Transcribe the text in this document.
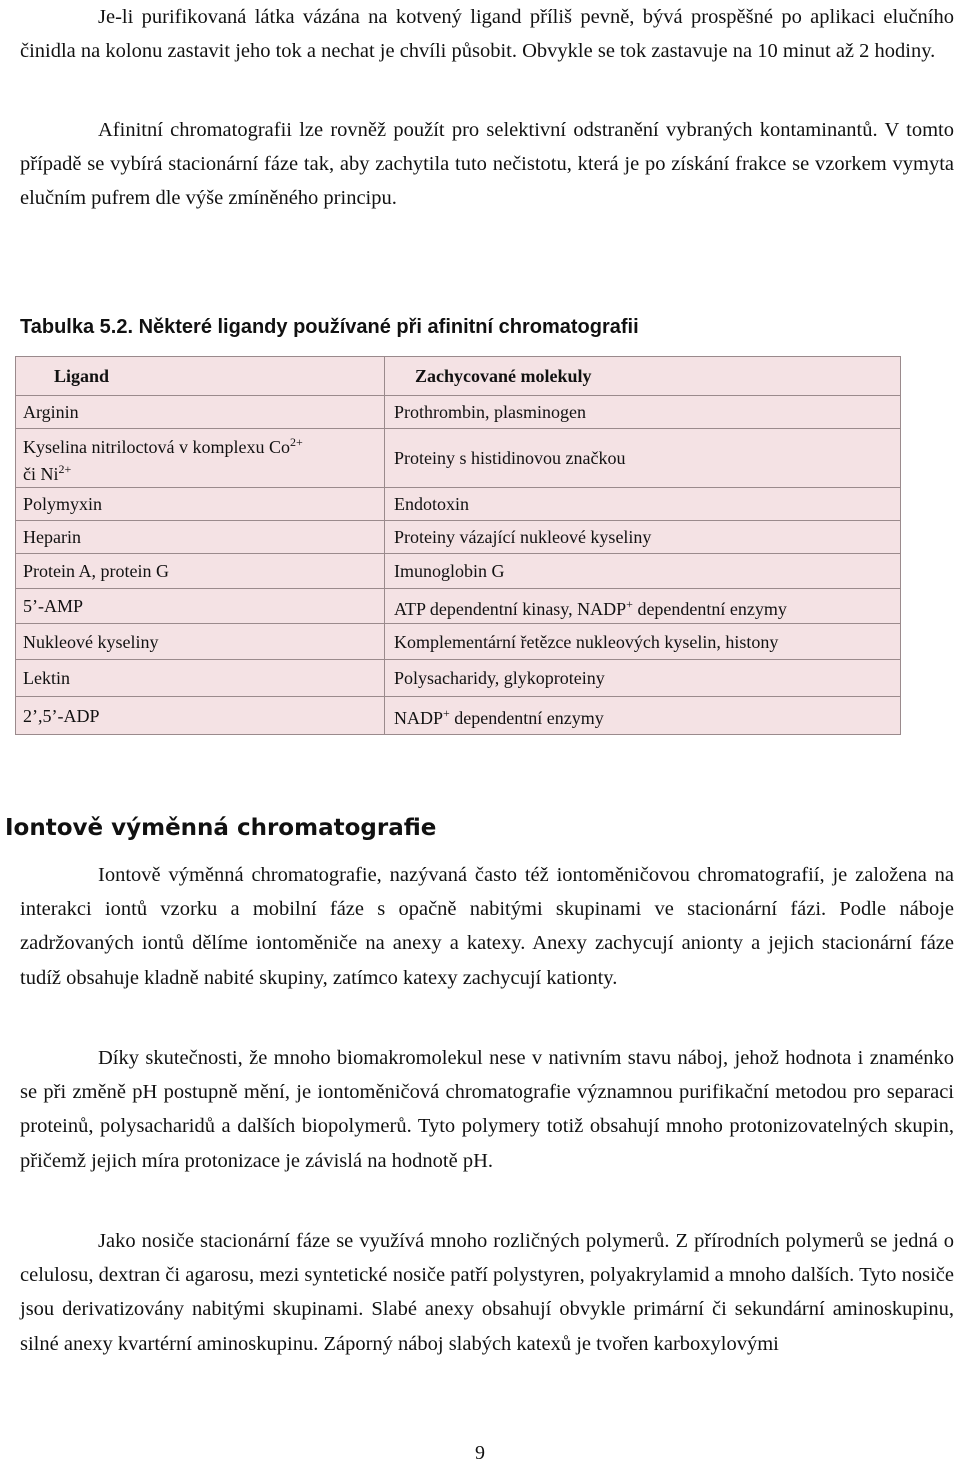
Je-li purifikovaná látka vázána na kotvený ligand příliš pevně, bývá prospěšné po aplikaci elučního činidla na kolonu zastavit jeho tok a nechat je chvíli působit. Obvykle se tok zastavuje na 10 minut až 2 hodiny.

Afinitní chromatografii lze rovněž použít pro selektivní odstranění vybraných kontaminantů. V tomto případě se vybírá stacionární fáze tak, aby zachytila tuto nečistotu, která je po získání frakce se vzorkem vymyta elučním pufrem dle výše zmíněného principu.

Tabulka 5.2. Některé ligandy používané při afinitní chromatografii

Ligand	Zachycované molekuly
Arginin	Prothrombin, plasminogen
Kyselina nitriloctová v komplexu $Co^{2+}$
či $Ni^{2+}$	Proteiny s histidinovou značkou
Polymyxin	Endotoxin
Heparin	Proteiny vázající nukleové kyseliny
Protein A, protein G	Imunoglobin G
5’-AMP	ATP dependentní kinasy, NADP+ dependentní enzymy
Nukleové kyseliny	Komplementární řetězce nukleových kyselin, histony
Lektin	Polysacharidy, glykoproteiny
2’,5’-ADP	NADP+ dependentní enzymy
Iontově výměnná chromatografie

Iontově výměnná chromatografie, nazývaná často též iontoměničovou chromatografií, je založena na interakci iontů vzorku a mobilní fáze s opačně nabitými skupinami ve stacionární fázi. Podle náboje zadržovaných iontů dělíme iontoměniče na anexy a katexy. Anexy zachycují anionty a jejich stacionární fáze tudíž obsahuje kladně nabité skupiny, zatímco katexy zachycují kationty.

Díky skutečnosti, že mnoho biomakromolekul nese v nativním stavu náboj, jehož hodnota i znaménko se při změně pH postupně mění, je iontoměničová chromatografie významnou purifikační metodou pro separaci proteinů, polysacharidů a dalších biopolymerů. Tyto polymery totiž obsahují mnoho protonizovatelných skupin, přičemž jejich míra protonizace je závislá na hodnotě pH.

Jako nosiče stacionární fáze se využívá mnoho rozličných polymerů. Z přírodních polymerů se jedná o celulosu, dextran či agarosu, mezi syntetické nosiče patří polystyren, polyakrylamid a mnoho dalších. Tyto nosiče jsou derivatizovány nabitými skupinami. Slabé anexy obsahují obvykle primární či sekundární aminoskupinu, silné anexy kvartérní aminoskupinu. Záporný náboj slabých katexů je tvořen karboxylovými

9
